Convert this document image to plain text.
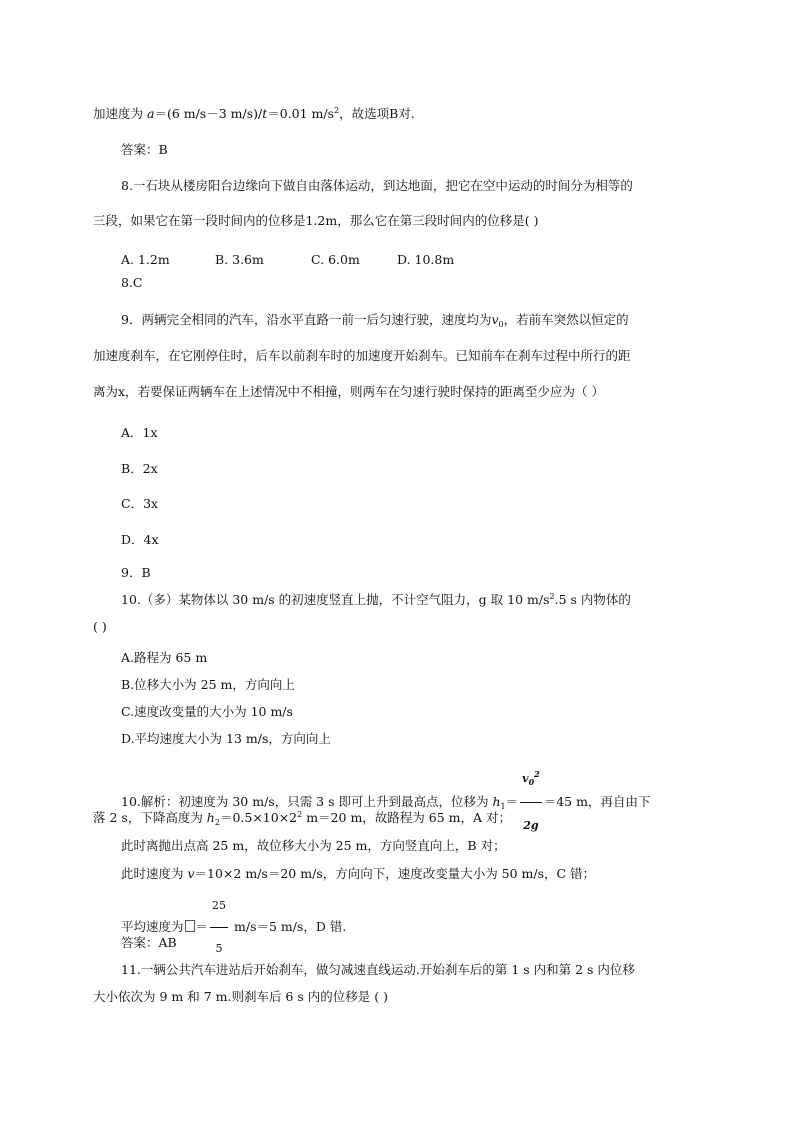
加速度为 a＝(6 m/s－3 m/s)/t＝0.01 $m/s^2$，故选项B对.
答案：B
8.一石块从楼房阳台边缘向下做自由落体运动，到达地面，把它在空中运动的时间分为相等的
三段，如果它在第一段时间内的位移是1.2m，那么它在第三段时间内的位移是( )
A. 1.2m	B. 3.6m	C. 6.0m	D. 10.8m
8.C
9．两辆完全相同的汽车，沿水平直路一前一后匀速行驶，速度均为$v_0$，若前车突然以恒定的
加速度刹车，在它刚停住时，后车以前刹车时的加速度开始刹车。已知前车在刹车过程中所行的距
离为x，若要保证两辆车在上述情况中不相撞，则两车在匀速行驶时保持的距离至少应为（ ）
A．1x
B．2x
C．3x
D．4x
9．B
10.（多）某物体以 30 m/s 的初速度竖直上抛，不计空气阻力，g 取 10 $m/s^2.5$ s 内物体的
( )
A.路程为 65 m
B.位移大小为 25 m，方向向上
C.速度改变量的大小为 10 m/s
D.平均速度大小为 13 m/s，方向向上
10.解析：初速度为 30 m/s，只需 3 s 即可上升到最高点，位移为 $h_1= \frac{v_0^2}{2g} =45$ m，再自由下
落 2 s，下降高度为 $h_2=0.5\times 10\times 2^2$ m＝20 m，故路程为 65 m，A 对；
此时离抛出点高 25 m，故位移大小为 25 m，方向竖直向上，B 对；
此时速度为 v＝10×2 m/s＝20 m/s，方向向下，速度改变量大小为 50 m/s，C 错；
平均速度为 ＝ $\frac{25}{5} m/s=5$ m/s，D 错.
答案：AB
11.一辆公共汽车进站后开始刹车，做匀减速直线运动.开始刹车后的第 1 s 内和第 2 s 内位移
大小依次为 9 m 和 7 m.则刹车后 6 s 内的位移是 ( )
